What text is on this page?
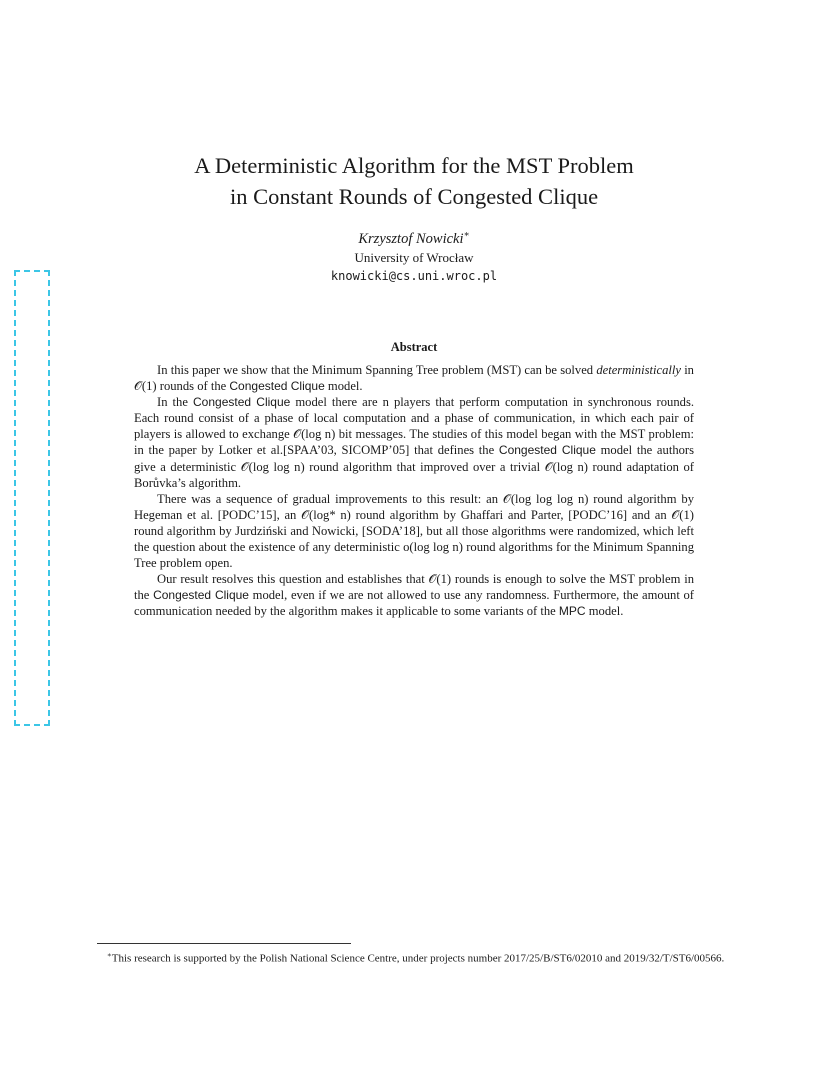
A Deterministic Algorithm for the MST Problem
in Constant Rounds of Congested Clique
Krzysztof Nowicki∗
University of Wrocław
knowicki@cs.uni.wroc.pl
Abstract

In this paper we show that the Minimum Spanning Tree problem (MST) can be solved deterministically in 𝒪(1) rounds of the Congested Clique model.

In the Congested Clique model there are n players that perform computation in synchronous rounds. Each round consist of a phase of local computation and a phase of communication, in which each pair of players is allowed to exchange 𝒪(log n) bit messages. The studies of this model began with the MST problem: in the paper by Lotker et al.[SPAA’03, SICOMP’05] that defines the Congested Clique model the authors give a deterministic 𝒪(log log n) round algorithm that improved over a trivial 𝒪(log n) round adaptation of Borůvka’s algorithm.

There was a sequence of gradual improvements to this result: an 𝒪(log log log n) round algorithm by Hegeman et al. [PODC’15], an 𝒪(log* n) round algorithm by Ghaffari and Parter, [PODC’16] and an 𝒪(1) round algorithm by Jurdziński and Nowicki, [SODA’18], but all those algorithms were randomized, which left the question about the existence of any deterministic o(log log n) round algorithms for the Minimum Spanning Tree problem open.

Our result resolves this question and establishes that 𝒪(1) rounds is enough to solve the MST problem in the Congested Clique model, even if we are not allowed to use any randomness. Furthermore, the amount of communication needed by the algorithm makes it applicable to some variants of the MPC model.

∗This research is supported by the Polish National Science Centre, under projects number 2017/25/B/ST6/02010 and 2019/32/T/ST6/00566.
